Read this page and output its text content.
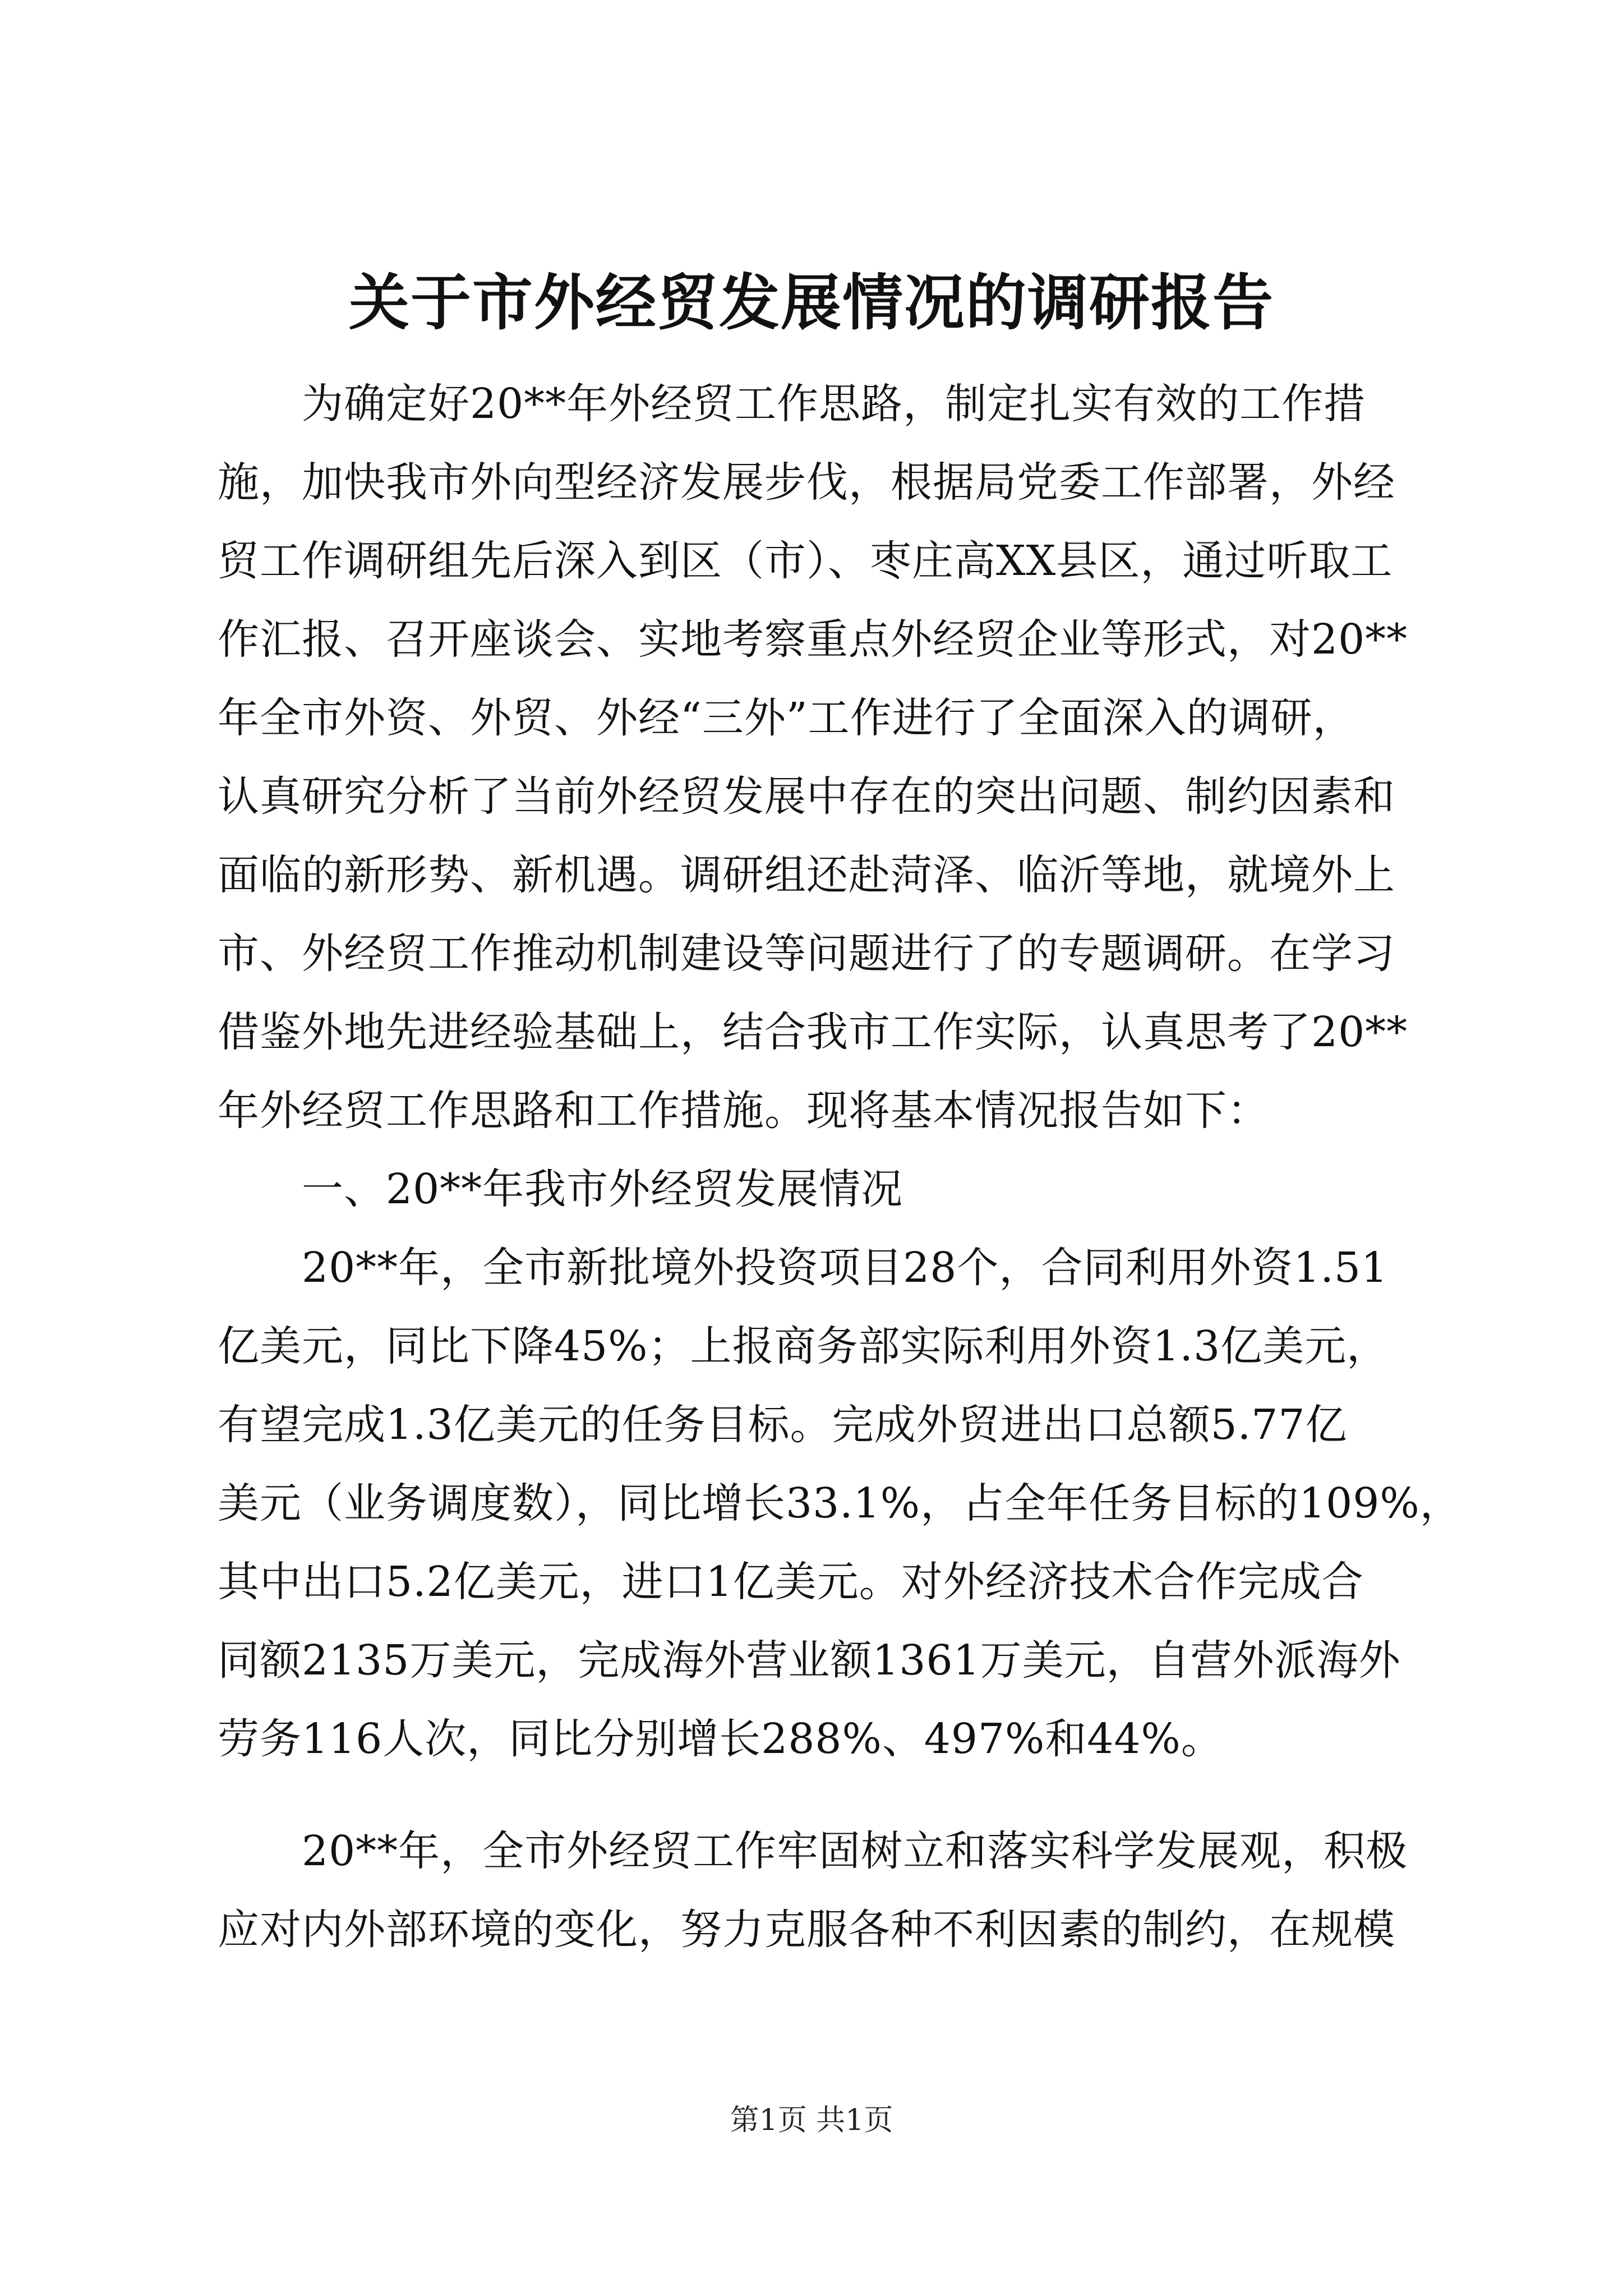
关于市外经贸发展情况的调研报告
　　为确定好20**年外经贸工作思路，制定扎实有效的工作措
施，加快我市外向型经济发展步伐，根据局党委工作部署，外经
贸工作调研组先后深入到区（市）、枣庄高XX县区，通过听取工
作汇报、召开座谈会、实地考察重点外经贸企业等形式，对20**
年全市外资、外贸、外经“三外”工作进行了全面深入的调研，
认真研究分析了当前外经贸发展中存在的突出问题、制约因素和
面临的新形势、新机遇。调研组还赴菏泽、临沂等地，就境外上
市、外经贸工作推动机制建设等问题进行了的专题调研。在学习
借鉴外地先进经验基础上，结合我市工作实际，认真思考了20**
年外经贸工作思路和工作措施。现将基本情况报告如下：
　　一、20**年我市外经贸发展情况
　　20**年，全市新批境外投资项目28个，合同利用外资1.51
亿美元，同比下降45%；上报商务部实际利用外资1.3亿美元，
有望完成1.3亿美元的任务目标。完成外贸进出口总额5.77亿
美元（业务调度数），同比增长33.1%，占全年任务目标的109%，
其中出口5.2亿美元，进口1亿美元。对外经济技术合作完成合
同额2135万美元，完成海外营业额1361万美元，自营外派海外
劳务116人次，同比分别增长288%、497%和44%。
　　20**年，全市外经贸工作牢固树立和落实科学发展观，积极
应对内外部环境的变化，努力克服各种不利因素的制约，在规模
第1页 共1页
